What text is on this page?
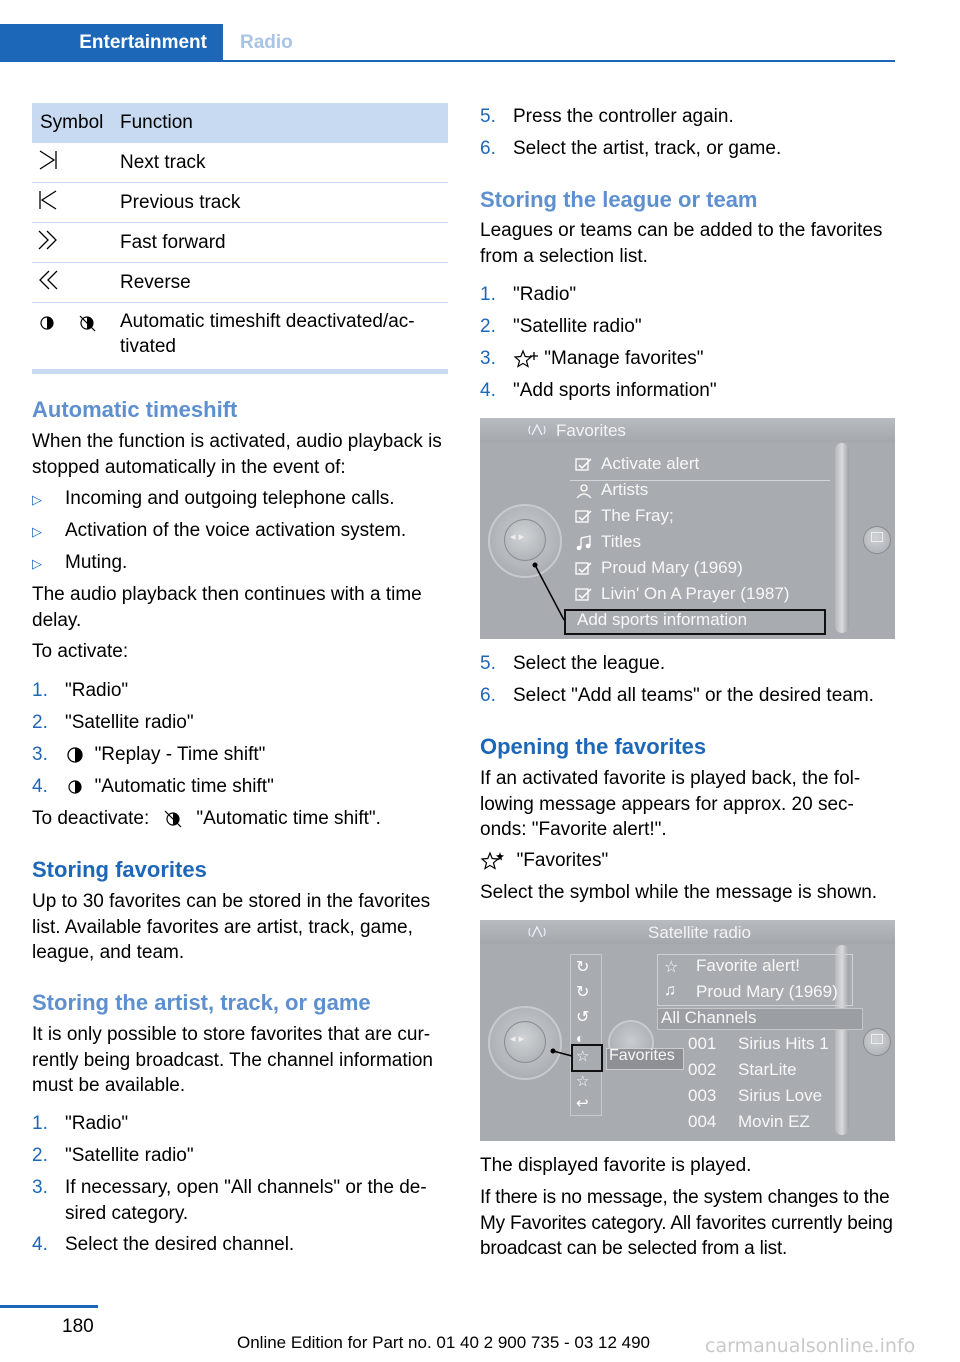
Entertainment	Radio
Symbol	Function
	Next track
	Previous track
	Fast forward
	Reverse
	Automatic timeshift deactivated/ac-tivated
Automatic timeshift

When the function is activated, audio playback is stopped automatically in the event of:

▷ Incoming and outgoing telephone calls.
▷ Activation of the voice activation system.
▷ Muting.

The audio playback then continues with a time delay.

To activate:

1. "Radio"
2. "Satellite radio"
3.	"Replay - Time shift"
4.	"Automatic time shift"
To deactivate: "Automatic time shift".
Storing favorites

Up to 30 favorites can be stored in the favorites list. Available favorites are artist, track, game, league, and team.

Storing the artist, track, or game

It is only possible to store favorites that are cur-rently being broadcast. The channel information must be available.

1. "Radio"
2. "Satellite radio"
3. If necessary, open "All channels" or the de-sired category.
4. Select the desired channel.
5. Press the controller again.
6. Select the artist, track, or game.
Storing the league or team

Leagues or teams can be added to the favorites from a selection list.

1. "Radio"
2. "Satellite radio"
3.	"Manage favorites"
4. "Add sports information"
Favorites
◂ ▸
Activate alert
Artists
The Fray;
Titles
Proud Mary (1969)
Livin' On A Prayer (1987)
Add sports information
5. Select the league.
6. Select "Add all teams" or the desired team.
Opening the favorites

If an activated favorite is played back, the fol-lowing message appears for approx. 20 sec-onds: "Favorite alert!".

"Favorites"

Select the symbol while the message is shown.

Satellite radio
◂ ▸
↻
↻
↺
◐
☆
☆
↩
Favorites
☆ Favorite alert!
♫ Proud Mary (1969)
All Channels
001 Sirius Hits 1
002 StarLite
003 Sirius Love
004 Movin EZ

The displayed favorite is played.

If there is no message, the system changes to the My Favorites category. All favorites currently being broadcast can be selected from a list.

180
Online Edition for Part no. 01 40 2 900 735 - 03 12 490	carmanualsonline.info
